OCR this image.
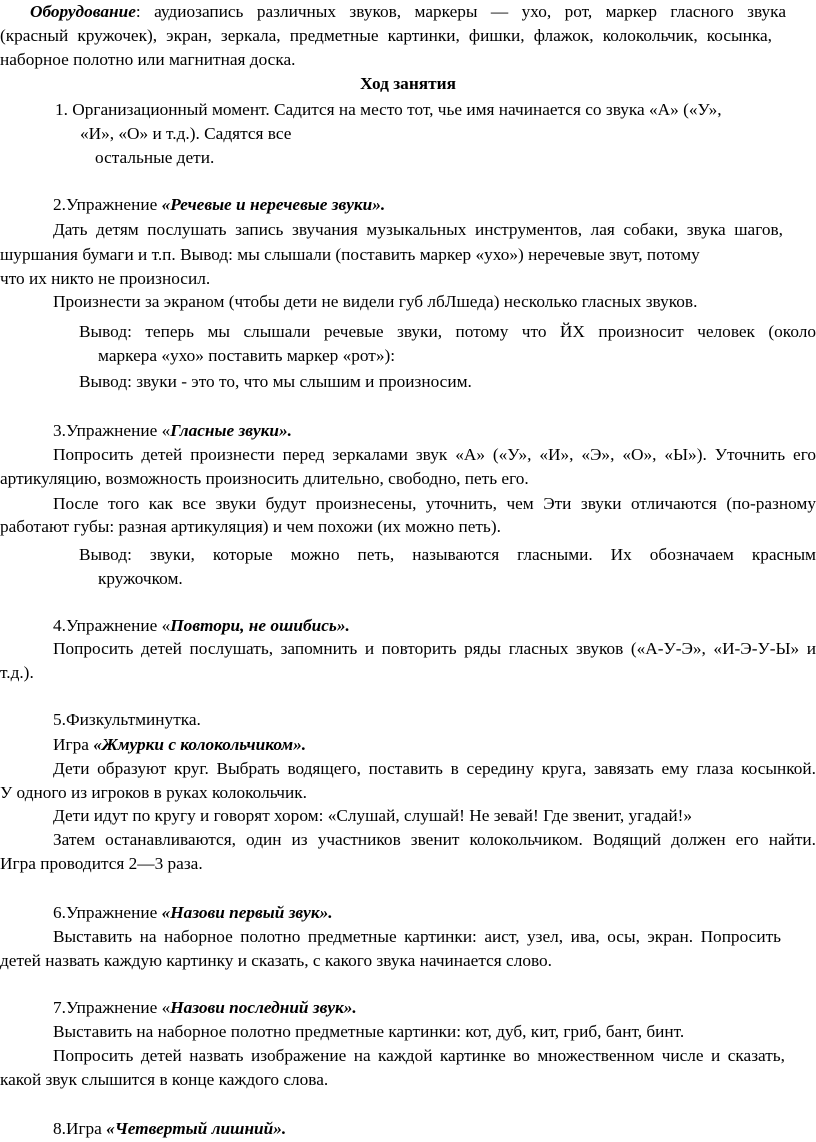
Оборудование: аудиозапись различных звуков, маркеры — ухо, рот, маркер гласного звука
(красный кружочек), экран, зеркала, предметные картинки, фишки, флажок, колокольчик, косынка,
наборное полотно или магнитная доска.
Ход занятия
1. Организационный момент. Садится на место тот, чье имя начинается со звука «А» («У»,
«И», «О» и т.д.). Садятся все
остальные дети.
2.Упражнение «Речевые и неречевые звуки».
Дать детям послушать запись звучания музыкальных инструментов, лая собаки, звука шагов,
шуршания бумаги и т.п. Вывод: мы слышали (поставить маркер «ухо») неречевые звут, потому
что их никто не произносил.
Произнести за экраном (чтобы дети не видели губ лбЛшеда) несколько гласных звуков.
Вывод: теперь мы слышали речевые звуки, потому что ЙХ произносит человек (около
маркера «ухо» поставить маркер «рот»):
Вывод: звуки - это то, что мы слышим и произносим.
3.Упражнение «Гласные звуки».
Попросить детей произнести перед зеркалами звук «А» («У», «И», «Э», «О», «Ы»). Уточнить его
артикуляцию, возможность произносить длительно, свободно, петь его.
После того как все звуки будут произнесены, уточнить, чем Эти звуки отличаются (по-разному
работают губы: разная артикуляция) и чем похожи (их можно петь).
Вывод: звуки, которые можно петь, называются гласными. Их обозначаем красным
кружочком.
4.Упражнение «Повтори, не ошибись».
Попросить детей послушать, запомнить и повторить ряды гласных звуков («А-У-Э», «И-Э-У-Ы» и
т.д.).
5.Физкультминутка.
Игра «Жмурки с колокольчиком».
Дети образуют круг. Выбрать водящего, поставить в середину круга, завязать ему глаза косынкой.
У одного из игроков в руках колокольчик.
Дети идут по кругу и говорят хором: «Слушай, слушай! Не зевай! Где звенит, угадай!»
Затем останавливаются, один из участников звенит колокольчиком. Водящий должен его найти.
Игра проводится 2—3 раза.
6.Упражнение «Назови первый звук».
Выставить на наборное полотно предметные картинки: аист, узел, ива, осы, экран. Попросить
детей назвать каждую картинку и сказать, с какого звука начинается слово.
7.Упражнение «Назови последний звук».
Выставить на наборное полотно предметные картинки: кот, дуб, кит, гриб, бант, бинт.
Попросить детей назвать изображение на каждой картинке во множественном числе и сказать,
какой звук слышится в конце каждого слова.
8.Игра «Четвертый лишний».
